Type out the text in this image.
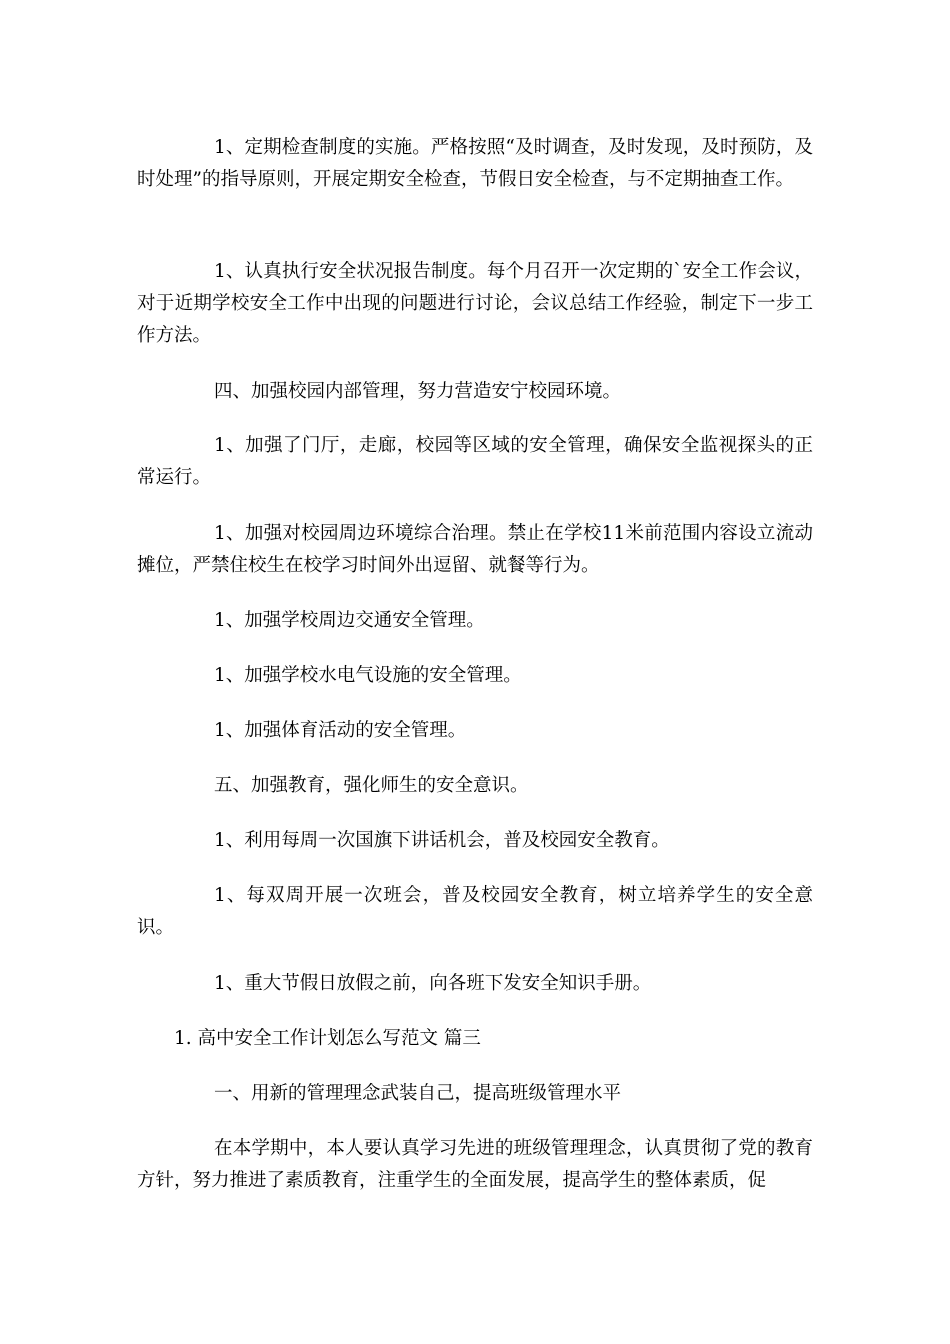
1、定期检查制度的实施。严格按照“及时调查，及时发现，及时预防，及时处理”的指导原则，开展定期安全检查，节假日安全检查，与不定期抽查工作。

1、认真执行安全状况报告制度。每个月召开一次定期的`安全工作会议，对于近期学校安全工作中出现的问题进行讨论，会议总结工作经验，制定下一步工作方法。

四、加强校园内部管理，努力营造安宁校园环境。

1、加强了门厅，走廊，校园等区域的安全管理，确保安全监视探头的正常运行。

1、加强对校园周边环境综合治理。禁止在学校11米前范围内容设立流动摊位，严禁住校生在校学习时间外出逗留、就餐等行为。

1、加强学校周边交通安全管理。

1、加强学校水电气设施的安全管理。

1、加强体育活动的安全管理。

五、加强教育，强化师生的安全意识。

1、利用每周一次国旗下讲话机会，普及校园安全教育。

1、每双周开展一次班会，普及校园安全教育，树立培养学生的安全意识。

1、重大节假日放假之前，向各班下发安全知识手册。

1. 高中安全工作计划怎么写范文 篇三

一、用新的管理理念武装自己，提高班级管理水平

在本学期中，本人要认真学习先进的班级管理理念，认真贯彻了党的教育方针，努力推进了素质教育，注重学生的全面发展，提高学生的整体素质，促
